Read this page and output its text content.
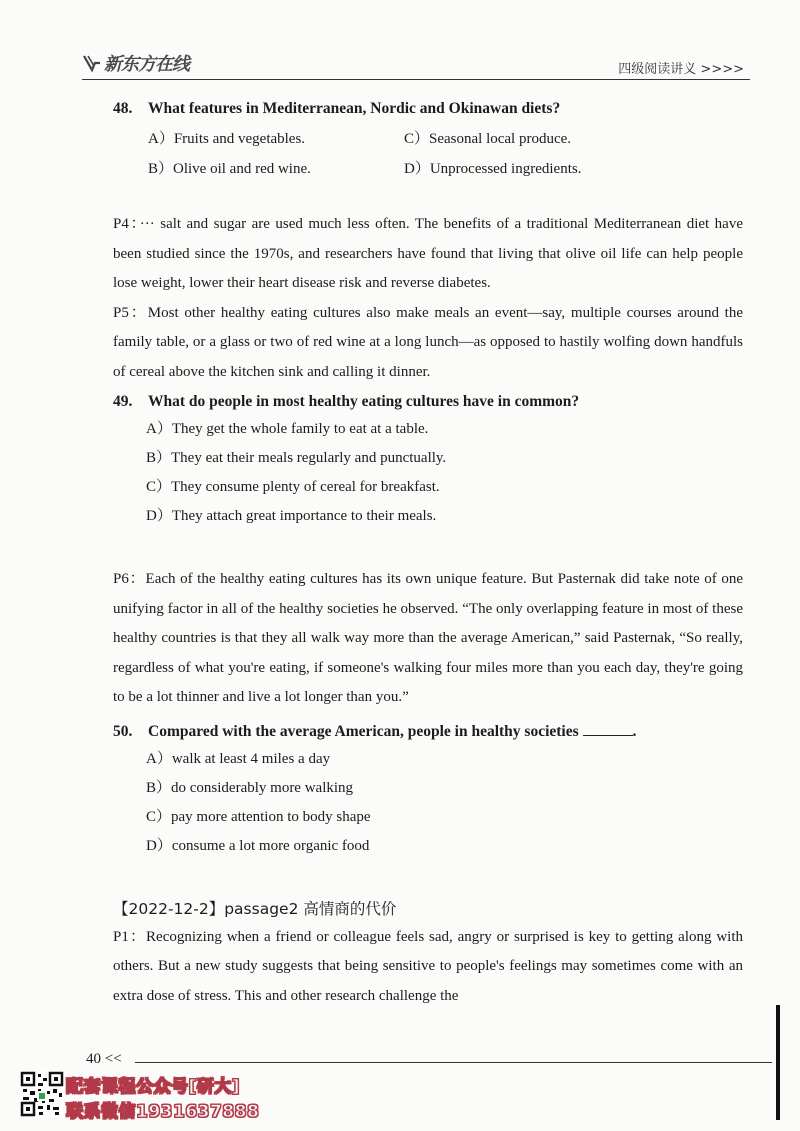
新东方在线	四级阅读讲义 >>>>

48. What features in Mediterranean, Nordic and Okinawan diets?

A）Fruits and vegetables.	C）Seasonal local produce.
B）Olive oil and red wine.	D）Unprocessed ingredients.

P4：··· salt and sugar are used much less often. The benefits of a traditional Mediterranean diet have been studied since the 1970s, and researchers have found that living that olive oil life can help people lose weight, lower their heart disease risk and reverse diabetes.

P5：Most other healthy eating cultures also make meals an event—say, multiple courses around the family table, or a glass or two of red wine at a long lunch—as opposed to hastily wolfing down handfuls of cereal above the kitchen sink and calling it dinner.

49. What do people in most healthy eating cultures have in common?

A）They get the whole family to eat at a table.
B）They eat their meals regularly and punctually.
C）They consume plenty of cereal for breakfast.
D）They attach great importance to their meals.

P6：Each of the healthy eating cultures has its own unique feature. But Pasternak did take note of one unifying factor in all of the healthy societies he observed. “The only overlapping feature in most of these healthy countries is that they all walk way more than the average American,” said Pasternak, “So really, regardless of what you're eating, if someone's walking four miles more than you each day, they're going to be a lot thinner and live a lot longer than you.”

50. Compared with the average American, people in healthy societies	.

A）walk at least 4 miles a day
B）do considerably more walking
C）pay more attention to body shape
D）consume a lot more organic food

【2022-12-2】passage2 高情商的代价

P1：Recognizing when a friend or colleague feels sad, angry or surprised is key to getting along with others. But a new study suggests that being sensitive to people's feelings may sometimes come with an extra dose of stress. This and other research challenge the

40 <<
配套课程公众号[研大]
联系微信1931637888
